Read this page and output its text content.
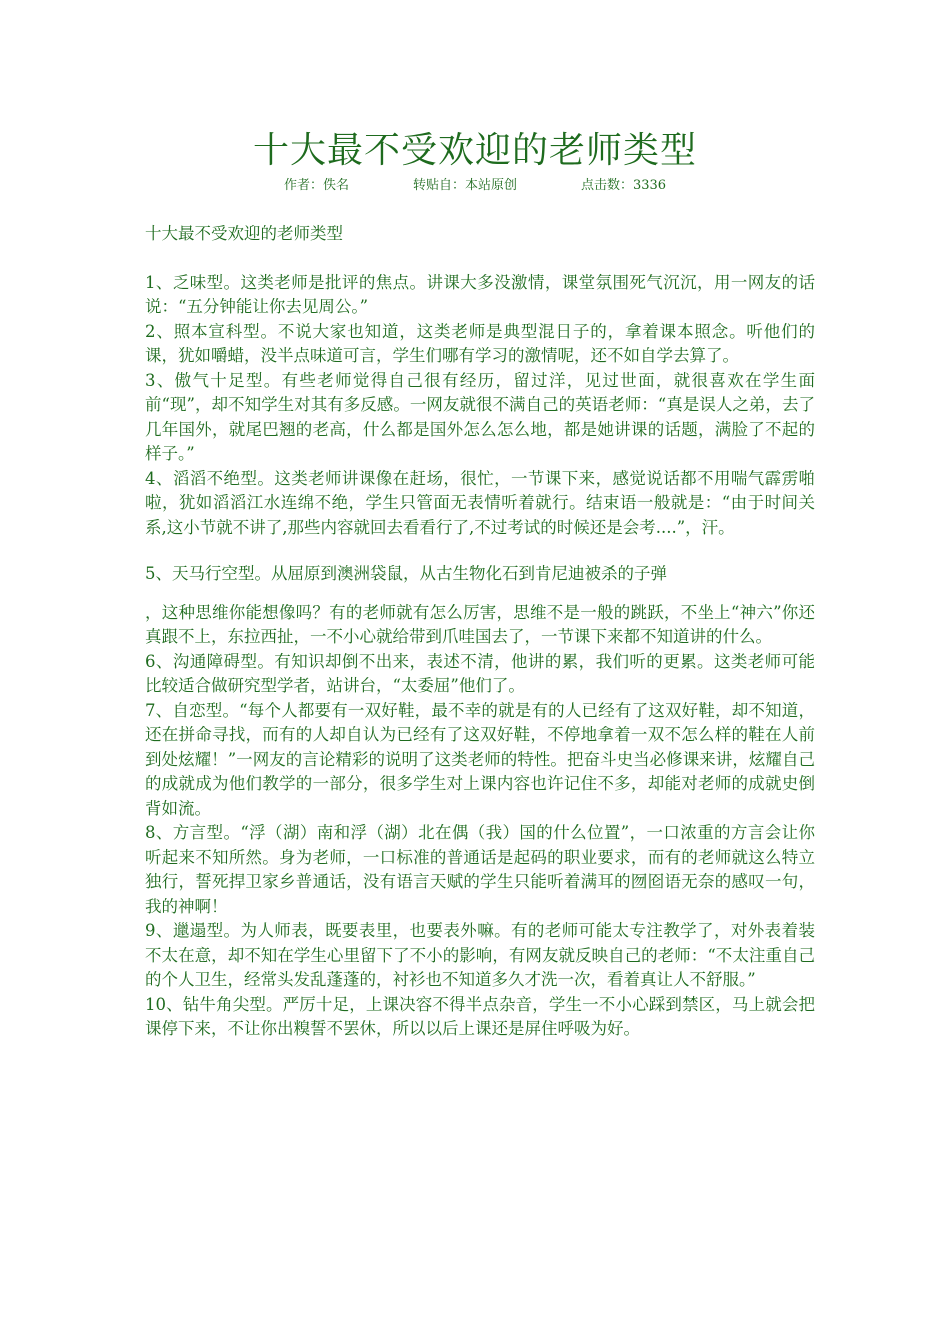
十大最不受欢迎的老师类型
作者：佚名	转贴自：本站原创	点击数：3336

十大最不受欢迎的老师类型

1、乏味型。这类老师是批评的焦点。讲课大多没激情，课堂氛围死气沉沉，用一网友的话说：“五分钟能让你去见周公。”

2、照本宣科型。不说大家也知道，这类老师是典型混日子的，拿着课本照念。听他们的课，犹如嚼蜡，没半点味道可言，学生们哪有学习的激情呢，还不如自学去算了。

3、傲气十足型。有些老师觉得自己很有经历，留过洋，见过世面，就很喜欢在学生面前“现”，却不知学生对其有多反感。一网友就很不满自己的英语老师：“真是误人之弟，去了几年国外，就尾巴翘的老高，什么都是国外怎么怎么地，都是她讲课的话题，满脸了不起的样子。”

4、滔滔不绝型。这类老师讲课像在赶场，很忙，一节课下来，感觉说话都不用喘气霹雳啪啦，犹如滔滔江水连绵不绝，学生只管面无表情听着就行。结束语一般就是：“由于时间关系,这小节就不讲了,那些内容就回去看看行了,不过考试的时候还是会考....”，汗。

5、天马行空型。从屈原到澳洲袋鼠，从古生物化石到肯尼迪被杀的子弹

，这种思维你能想像吗？有的老师就有怎么厉害，思维不是一般的跳跃，不坐上“神六”你还真跟不上，东拉西扯，一不小心就给带到爪哇国去了，一节课下来都不知道讲的什么。

6、沟通障碍型。有知识却倒不出来，表述不清，他讲的累，我们听的更累。这类老师可能比较适合做研究型学者，站讲台，“太委屈”他们了。

7、自恋型。“每个人都要有一双好鞋，最不幸的就是有的人已经有了这双好鞋，却不知道，还在拼命寻找，而有的人却自认为已经有了这双好鞋，不停地拿着一双不怎么样的鞋在人前到处炫耀！”一网友的言论精彩的说明了这类老师的特性。把奋斗史当必修课来讲，炫耀自己的成就成为他们教学的一部分，很多学生对上课内容也许记住不多，却能对老师的成就史倒背如流。

8、方言型。“浮（湖）南和浮（湖）北在偶（我）国的什么位置”，一口浓重的方言会让你听起来不知所然。身为老师，一口标准的普通话是起码的职业要求，而有的老师就这么特立独行，誓死捍卫家乡普通话，没有语言天赋的学生只能听着满耳的囫囵语无奈的感叹一句，我的神啊！

9、邋遢型。为人师表，既要表里，也要表外嘛。有的老师可能太专注教学了，对外表着装不太在意，却不知在学生心里留下了不小的影响，有网友就反映自己的老师：“不太注重自己的个人卫生，经常头发乱蓬蓬的，衬衫也不知道多久才洗一次，看着真让人不舒服。”

10、钻牛角尖型。严厉十足，上课决容不得半点杂音，学生一不小心踩到禁区，马上就会把课停下来，不让你出糗誓不罢休，所以以后上课还是屏住呼吸为好。
